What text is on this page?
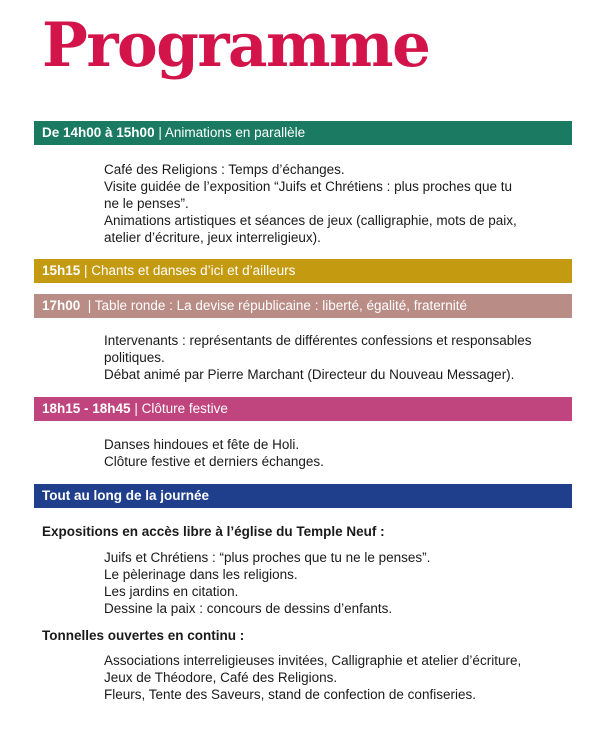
Programme
De 14h00 à 15h00 | Animations en parallèle
Café des Religions : Temps d’échanges.
Visite guidée de l’exposition “Juifs et Chrétiens : plus proches que tu
ne le penses”.
Animations artistiques et séances de jeux (calligraphie, mots de paix,
atelier d’écriture, jeux interreligieux).
15h15 | Chants et danses d’ici et d’ailleurs
17h00  | Table ronde : La devise républicaine : liberté, égalité, fraternité
Intervenants : représentants de différentes confessions et responsables
politiques.
Débat animé par Pierre Marchant (Directeur du Nouveau Messager).
18h15 - 18h45 | Clôture festive
Danses hindoues et fête de Holi.
Clôture festive et derniers échanges.
Tout au long de la journée
Expositions en accès libre à l’église du Temple Neuf :
Juifs et Chrétiens : “plus proches que tu ne le penses”.
Le pèlerinage dans les religions.
Les jardins en citation.
Dessine la paix : concours de dessins d’enfants.
Tonnelles ouvertes en continu :
Associations interreligieuses invitées, Calligraphie et atelier d’écriture,
Jeux de Théodore, Café des Religions.
Fleurs, Tente des Saveurs, stand de confection de confiseries.
